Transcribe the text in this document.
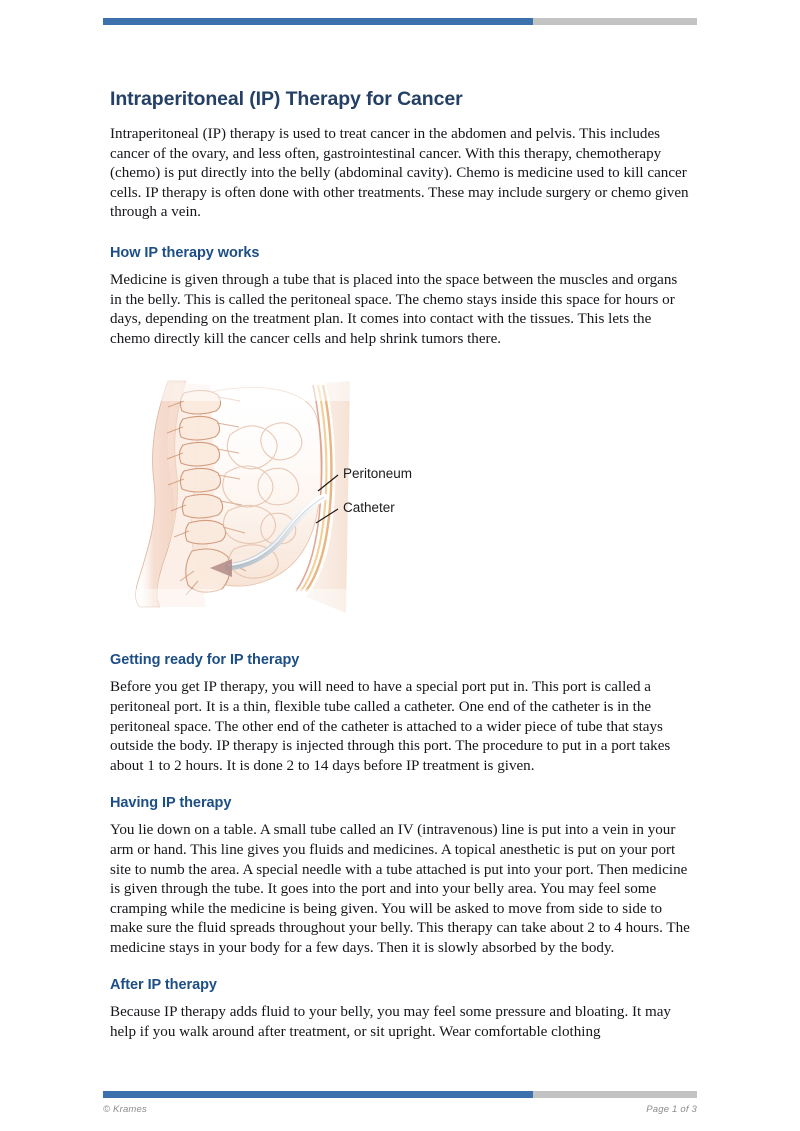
Intraperitoneal (IP) Therapy for Cancer

Intraperitoneal (IP) therapy is used to treat cancer in the abdomen and pelvis. This includes cancer of the ovary, and less often, gastrointestinal cancer. With this therapy, chemotherapy (chemo) is put directly into the belly (abdominal cavity). Chemo is medicine used to kill cancer cells. IP therapy is often done with other treatments. These may include surgery or chemo given through a vein.

How IP therapy works

Medicine is given through a tube that is placed into the space between the muscles and organs in the belly. This is called the peritoneal space. The chemo stays inside this space for hours or days, depending on the treatment plan. It comes into contact with the tissues. This lets the chemo directly kill the cancer cells and help shrink tumors there.

Peritoneum
Catheter
Getting ready for IP therapy

Before you get IP therapy, you will need to have a special port put in. This port is called a peritoneal port. It is a thin, flexible tube called a catheter. One end of the catheter is in the peritoneal space. The other end of the catheter is attached to a wider piece of tube that stays outside the body. IP therapy is injected through this port. The procedure to put in a port takes about 1 to 2 hours. It is done 2 to 14 days before IP treatment is given.

Having IP therapy

You lie down on a table. A small tube called an IV (intravenous) line is put into a vein in your arm or hand. This line gives you fluids and medicines. A topical anesthetic is put on your port site to numb the area. A special needle with a tube attached is put into your port. Then medicine is given through the tube. It goes into the port and into your belly area. You may feel some cramping while the medicine is being given. You will be asked to move from side to side to make sure the fluid spreads throughout your belly. This therapy can take about 2 to 4 hours. The medicine stays in your body for a few days. Then it is slowly absorbed by the body.

After IP therapy

Because IP therapy adds fluid to your belly, you may feel some pressure and bloating. It may help if you walk around after treatment, or sit upright. Wear comfortable clothing

© Krames	Page 1 of 3
